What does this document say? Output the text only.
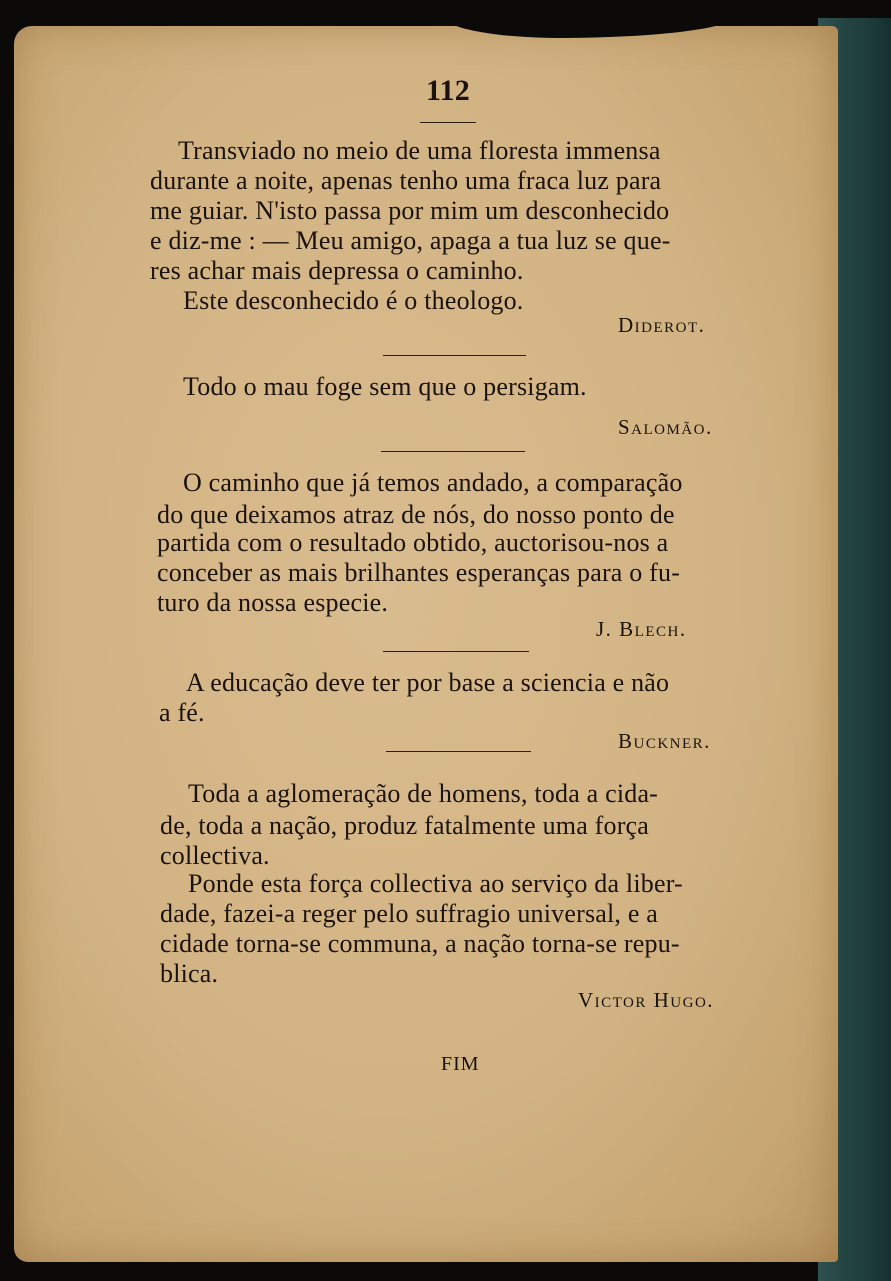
112
Transviado no meio de uma floresta immensa
durante a noite, apenas tenho uma fraca luz para
me guiar. N'isto passa por mim um desconhecido
e diz-me : — Meu amigo, apaga a tua luz se que-
res achar mais depressa o caminho.
Este desconhecido é o theologo.
Diderot.
Todo o mau foge sem que o persigam.
Salomão.
O caminho que já temos andado, a comparação
do que deixamos atraz de nós, do nosso ponto de
partida com o resultado obtido, auctorisou-nos a
conceber as mais brilhantes esperanças para o fu-
turo da nossa especie.
J. Blech.
A educação deve ter por base a sciencia e não
a fé.
Buckner.
Toda a aglomeração de homens, toda a cida-
de, toda a nação, produz fatalmente uma força
collectiva.
Ponde esta força collectiva ao serviço da liber-
dade, fazei-a reger pelo suffragio universal, e a
cidade torna-se communa, a nação torna-se repu-
blica.
Victor Hugo.
FIM
